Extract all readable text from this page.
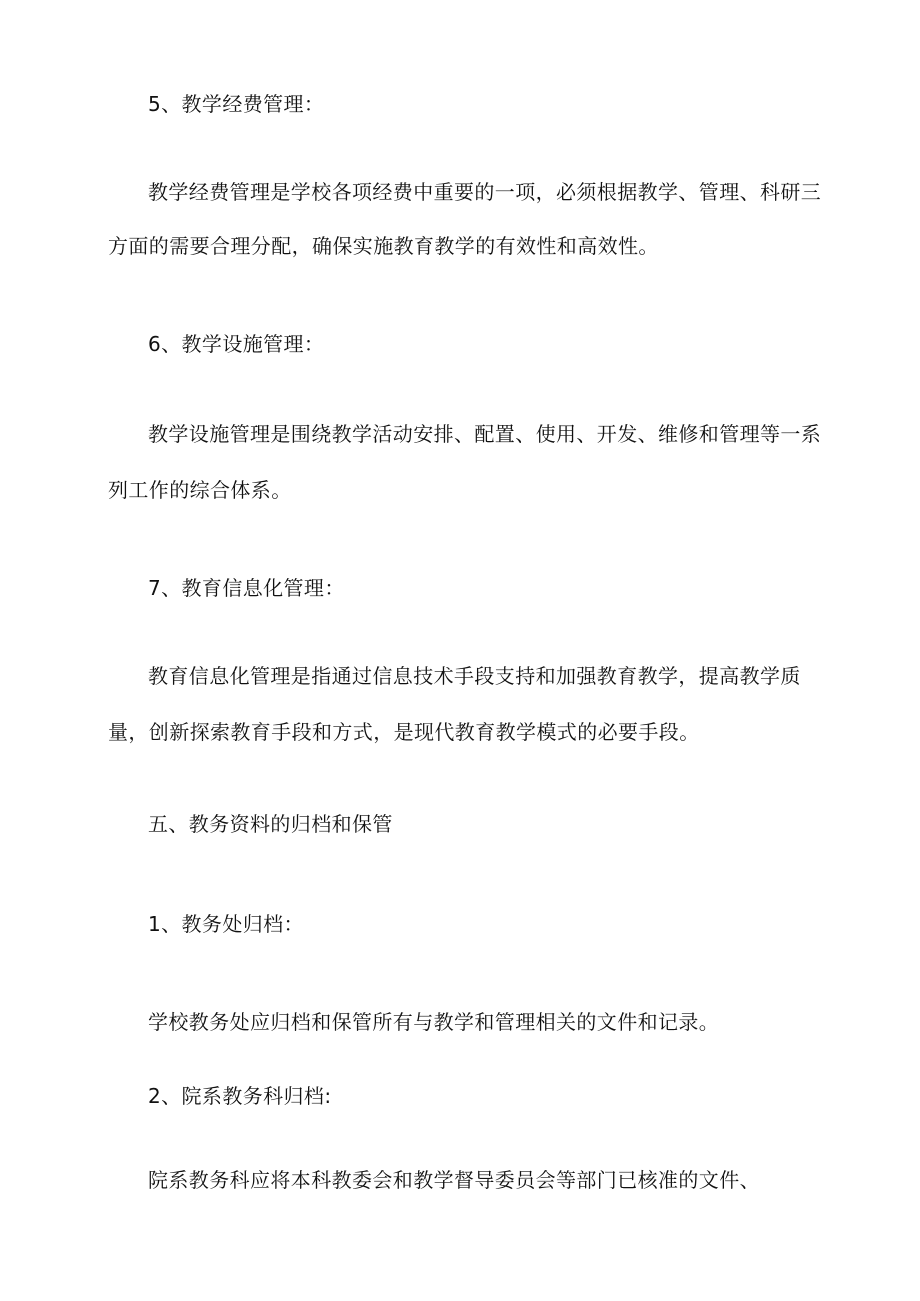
5、教学经费管理：
教学经费管理是学校各项经费中重要的一项，必须根据教学、管理、科研三
方面的需要合理分配，确保实施教育教学的有效性和高效性。
6、教学设施管理：
教学设施管理是围绕教学活动安排、配置、使用、开发、维修和管理等一系
列工作的综合体系。
7、教育信息化管理：
教育信息化管理是指通过信息技术手段支持和加强教育教学，提高教学质
量，创新探索教育手段和方式，是现代教育教学模式的必要手段。
五、教务资料的归档和保管
1、教务处归档：
学校教务处应归档和保管所有与教学和管理相关的文件和记录。
2、院系教务科归档:
院系教务科应将本科教委会和教学督导委员会等部门已核准的文件、
